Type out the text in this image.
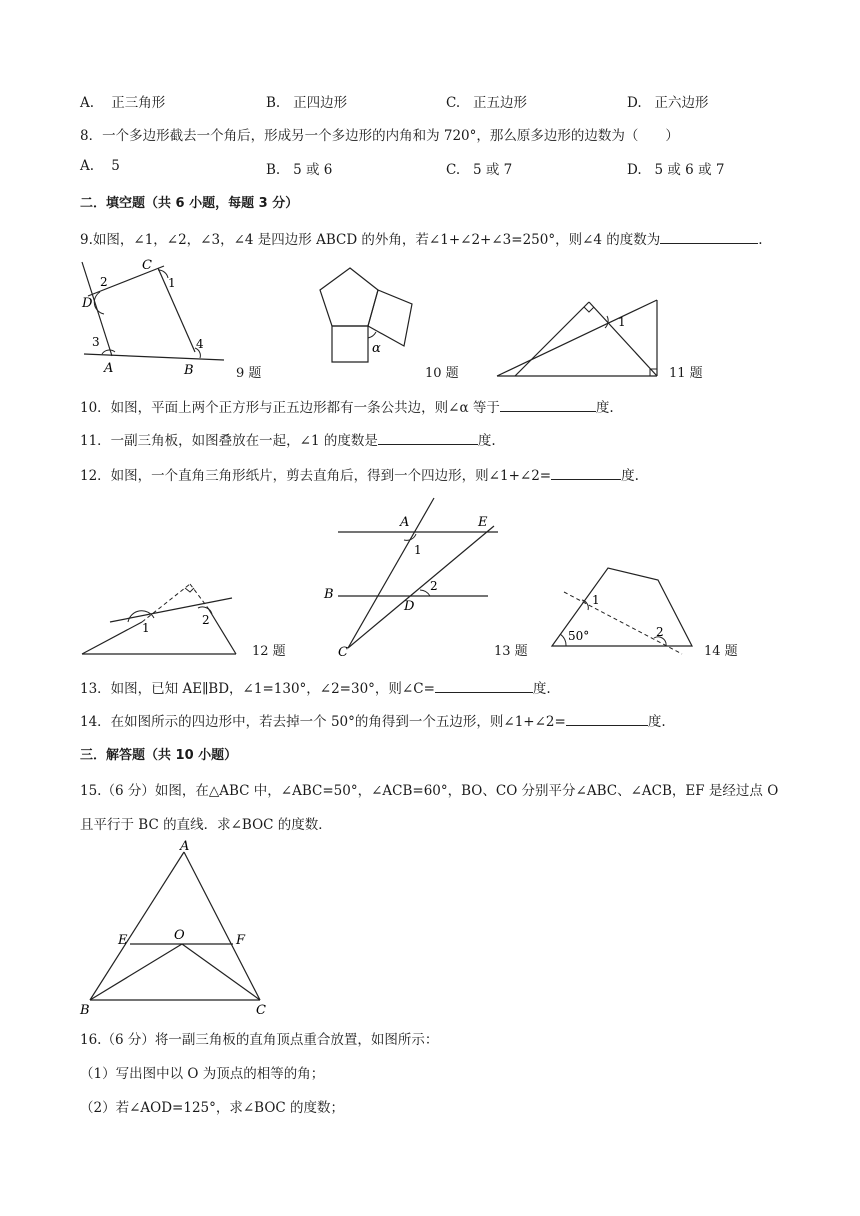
A. 正三角形	B. 正四边形	C. 正五边形	D. 正六边形
8．一个多边形截去一个角后，形成另一个多边形的内角和为 720°，那么原多边形的边数为（　　）
A. 5	B. 5 或 6	C. 5 或 7	D. 5 或 6 或 7
二．填空题（共 6 小题，每题 3 分）
9.如图，∠1，∠2，∠3，∠4 是四边形 ABCD 的外角，若∠1+∠2+∠3=250°，则∠4 的度数为	.
C
D
A	B
1
2
3	4
9 题
α
10 题
1
11 题
10．如图，平面上两个正方形与正五边形都有一条公共边，则∠α 等于	度.
11．一副三角板，如图叠放在一起，∠1 的度数是	度.
12．如图，一个直角三角形纸片，剪去直角后，得到一个四边形，则∠1+∠2=	度.
1
2
12 题
A	E
B
D
C
1
2
13 题
1
2
50°
14 题
13．如图，已知 AE∥BD，∠1=130°，∠2=30°，则∠C=	度.
14．在如图所示的四边形中，若去掉一个 50°的角得到一个五边形，则∠1+∠2=	度.
三．解答题（共 10 小题）
15.（6 分）如图，在△ABC 中，∠ABC=50°，∠ACB=60°，BO、CO 分别平分∠ABC、∠ACB，EF 是经过点 O
且平行于 BC 的直线．求∠BOC 的度数．
A
E	O	F
B	C
16.（6 分）将一副三角板的直角顶点重合放置，如图所示：
（1）写出图中以 O 为顶点的相等的角；
（2）若∠AOD=125°，求∠BOC 的度数；
